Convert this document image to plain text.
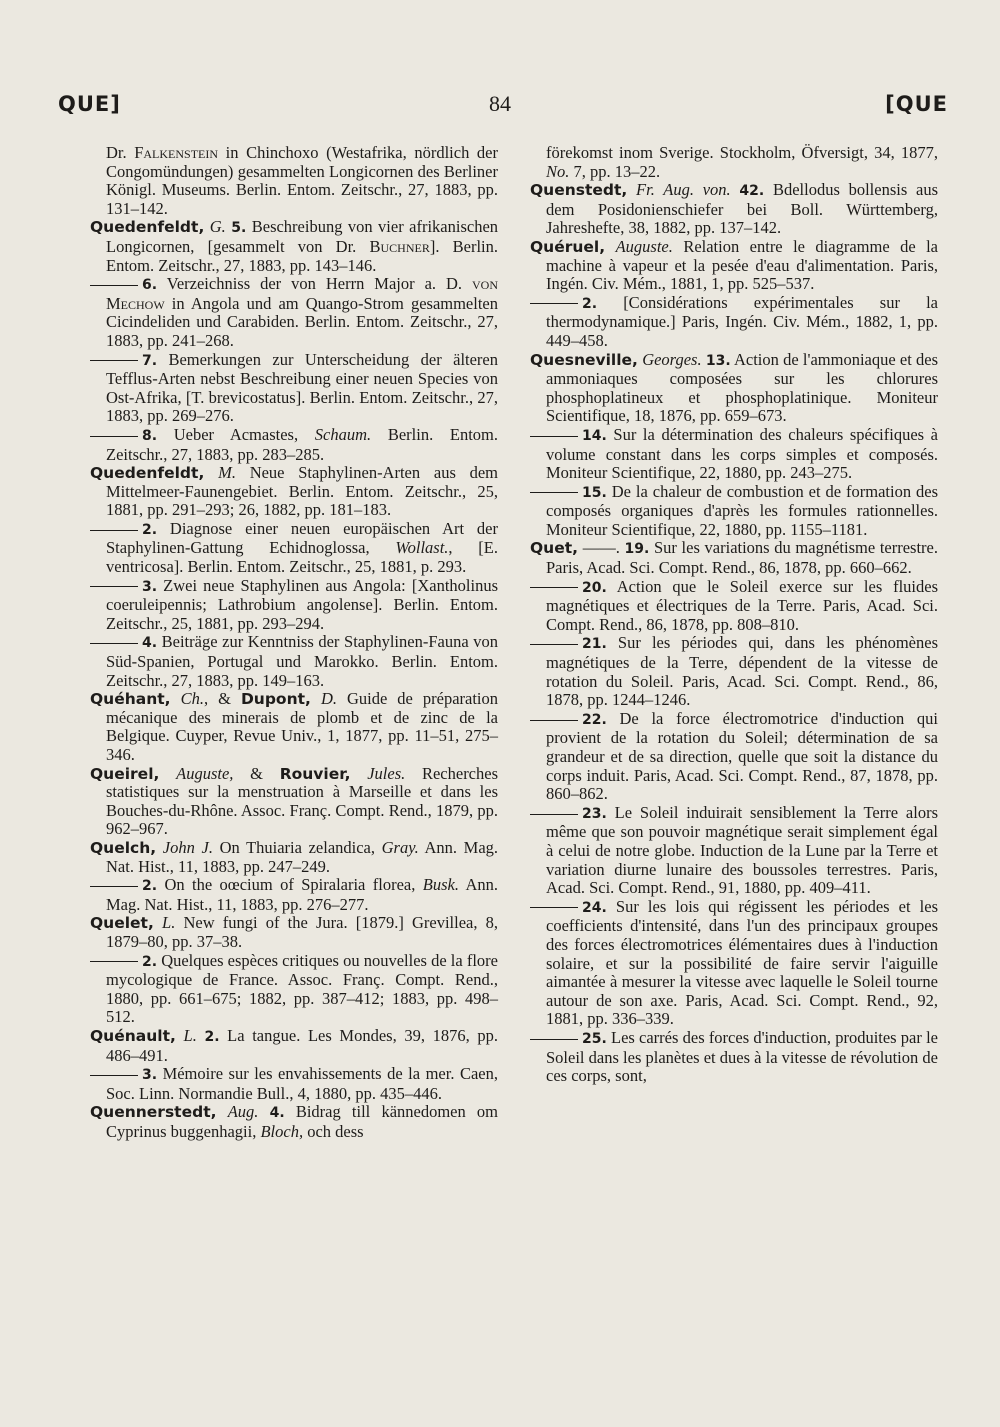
QUE]	84	[QUE

Dr. Falkenstein in Chinchoxo (Westafrika, nördlich der Congomündungen) gesammelten Longicornen des Berliner Königl. Museums. Berlin. Entom. Zeitschr., 27, 1883, pp. 131–142.

Quedenfeldt, G. 5. Beschreibung von vier afrikanischen Longicornen, [gesammelt von Dr. Buchner]. Berlin. Entom. Zeitschr., 27, 1883, pp. 143–146.

6. Verzeichniss der von Herrn Major a. D. von Mechow in Angola und am Quango-Strom gesammelten Cicindeliden und Carabiden. Berlin. Entom. Zeitschr., 27, 1883, pp. 241–268.

7. Bemerkungen zur Unterscheidung der älteren Tefflus-Arten nebst Beschreibung einer neuen Species von Ost-Afrika, [T. brevicostatus]. Berlin. Entom. Zeitschr., 27, 1883, pp. 269–276.

8. Ueber Acmastes, Schaum. Berlin. Entom. Zeitschr., 27, 1883, pp. 283–285.

Quedenfeldt, M. Neue Staphylinen-Arten aus dem Mittelmeer-Faunengebiet. Berlin. Entom. Zeitschr., 25, 1881, pp. 291–293; 26, 1882, pp. 181–183.

2. Diagnose einer neuen europäischen Art der Staphylinen-Gattung Echidnoglossa, Wollast., [E. ventricosa]. Berlin. Entom. Zeitschr., 25, 1881, p. 293.

3. Zwei neue Staphylinen aus Angola: [Xantholinus coeruleipennis; Lathrobium angolense]. Berlin. Entom. Zeitschr., 25, 1881, pp. 293–294.

4. Beiträge zur Kenntniss der Staphylinen-Fauna von Süd-Spanien, Portugal und Marokko. Berlin. Entom. Zeitschr., 27, 1883, pp. 149–163.

Quéhant, Ch., & Dupont, D. Guide de préparation mécanique des minerais de plomb et de zinc de la Belgique. Cuyper, Revue Univ., 1, 1877, pp. 11–51, 275–346.

Queirel, Auguste, & Rouvier, Jules. Recherches statistiques sur la menstruation à Marseille et dans les Bouches-du-Rhône. Assoc. Franç. Compt. Rend., 1879, pp. 962–967.

Quelch, John J. On Thuiaria zelandica, Gray. Ann. Mag. Nat. Hist., 11, 1883, pp. 247–249.

2. On the oœcium of Spiralaria florea, Busk. Ann. Mag. Nat. Hist., 11, 1883, pp. 276–277.

Quelet, L. New fungi of the Jura. [1879.] Grevillea, 8, 1879–80, pp. 37–38.

2. Quelques espèces critiques ou nouvelles de la flore mycologique de France. Assoc. Franç. Compt. Rend., 1880, pp. 661–675; 1882, pp. 387–412; 1883, pp. 498–512.

Quénault, L. 2. La tangue. Les Mondes, 39, 1876, pp. 486–491.

3. Mémoire sur les envahissements de la mer. Caen, Soc. Linn. Normandie Bull., 4, 1880, pp. 435–446.

Quennerstedt, Aug. 4. Bidrag till kännedomen om Cyprinus buggenhagii, Bloch, och dess

förekomst inom Sverige. Stockholm, Öfversigt, 34, 1877, No. 7, pp. 13–22.

Quenstedt, Fr. Aug. von. 42. Bdellodus bollensis aus dem Posidonienschiefer bei Boll. Württemberg, Jahreshefte, 38, 1882, pp. 137–142.

Quéruel, Auguste. Relation entre le diagramme de la machine à vapeur et la pesée d'eau d'alimentation. Paris, Ingén. Civ. Mém., 1881, 1, pp. 525–537.

2. [Considérations expérimentales sur la thermodynamique.] Paris, Ingén. Civ. Mém., 1882, 1, pp. 449–458.

Quesneville, Georges. 13. Action de l'ammoniaque et des ammoniaques composées sur les chlorures phosphoplatineux et phosphoplatinique. Moniteur Scientifique, 18, 1876, pp. 659–673.

14. Sur la détermination des chaleurs spécifiques à volume constant dans les corps simples et composés. Moniteur Scientifique, 22, 1880, pp. 243–275.

15. De la chaleur de combustion et de formation des composés organiques d'après les formules rationnelles. Moniteur Scientifique, 22, 1880, pp. 1155–1181.

Quet, ——. 19. Sur les variations du magnétisme terrestre. Paris, Acad. Sci. Compt. Rend., 86, 1878, pp. 660–662.

20. Action que le Soleil exerce sur les fluides magnétiques et électriques de la Terre. Paris, Acad. Sci. Compt. Rend., 86, 1878, pp. 808–810.

21. Sur les périodes qui, dans les phénomènes magnétiques de la Terre, dépendent de la vitesse de rotation du Soleil. Paris, Acad. Sci. Compt. Rend., 86, 1878, pp. 1244–1246.

22. De la force électromotrice d'induction qui provient de la rotation du Soleil; détermination de sa grandeur et de sa direction, quelle que soit la distance du corps induit. Paris, Acad. Sci. Compt. Rend., 87, 1878, pp. 860–862.

23. Le Soleil induirait sensiblement la Terre alors même que son pouvoir magnétique serait simplement égal à celui de notre globe. Induction de la Lune par la Terre et variation diurne lunaire des boussoles terrestres. Paris, Acad. Sci. Compt. Rend., 91, 1880, pp. 409–411.

24. Sur les lois qui régissent les périodes et les coefficients d'intensité, dans l'un des principaux groupes des forces électromotrices élémentaires dues à l'induction solaire, et sur la possibilité de faire servir l'aiguille aimantée à mesurer la vitesse avec laquelle le Soleil tourne autour de son axe. Paris, Acad. Sci. Compt. Rend., 92, 1881, pp. 336–339.

25. Les carrés des forces d'induction, produites par le Soleil dans les planètes et dues à la vitesse de révolution de ces corps, sont,
